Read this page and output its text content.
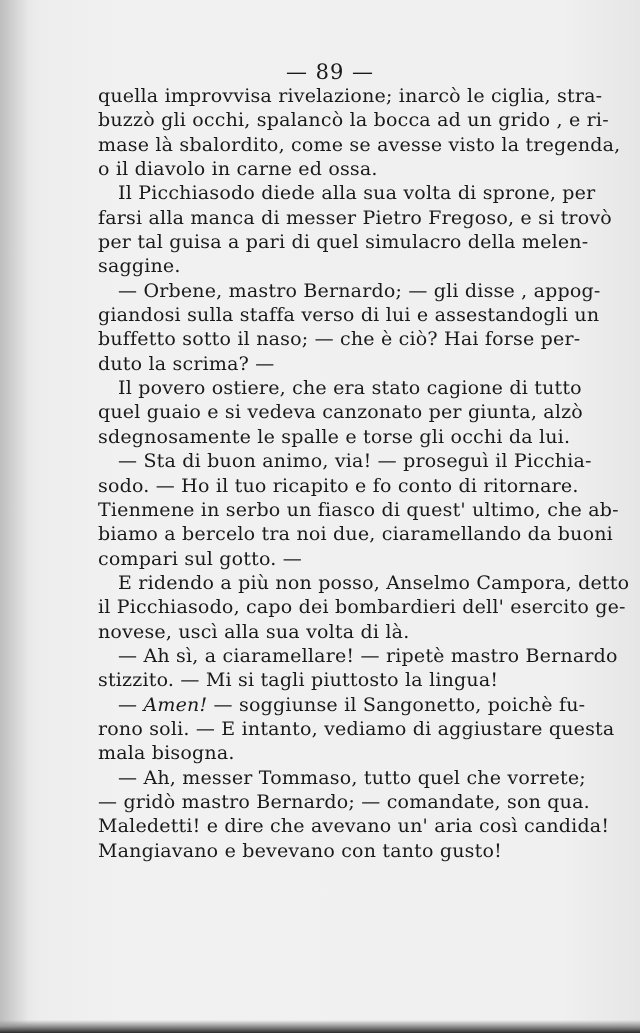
— 89 —
quella improvvisa rivelazione; inarcò le ciglia, stra-
buzzò gli occhi, spalancò la bocca ad un grido , e ri-
mase là sbalordito, come se avesse visto la tregenda,
o il diavolo in carne ed ossa.
Il Picchiasodo diede alla sua volta di sprone, per
farsi alla manca di messer Pietro Fregoso, e si trovò
per tal guisa a pari di quel simulacro della melen-
saggine.
— Orbene, mastro Bernardo; — gli disse , appog-
giandosi sulla staffa verso di lui e assestandogli un
buffetto sotto il naso; — che è ciò? Hai forse per-
duto la scrima? —
Il povero ostiere, che era stato cagione di tutto
quel guaio e si vedeva canzonato per giunta, alzò
sdegnosamente le spalle e torse gli occhi da lui.
— Sta di buon animo, via! — proseguì il Picchia-
sodo. — Ho il tuo ricapito e fo conto di ritornare.
Tienmene in serbo un fiasco di quest' ultimo, che ab-
biamo a bercelo tra noi due, ciaramellando da buoni
compari sul gotto. —
E ridendo a più non posso, Anselmo Campora, detto
il Picchiasodo, capo dei bombardieri dell' esercito ge-
novese, uscì alla sua volta di là.
— Ah sì, a ciaramellare! — ripetè mastro Bernardo
stizzito. — Mi si tagli piuttosto la lingua!
— Amen! — soggiunse il Sangonetto, poichè fu-
rono soli. — E intanto, vediamo di aggiustare questa
mala bisogna.
— Ah, messer Tommaso, tutto quel che vorrete;
— gridò mastro Bernardo; — comandate, son qua.
Maledetti! e dire che avevano un' aria così candida!
Mangiavano e bevevano con tanto gusto!
